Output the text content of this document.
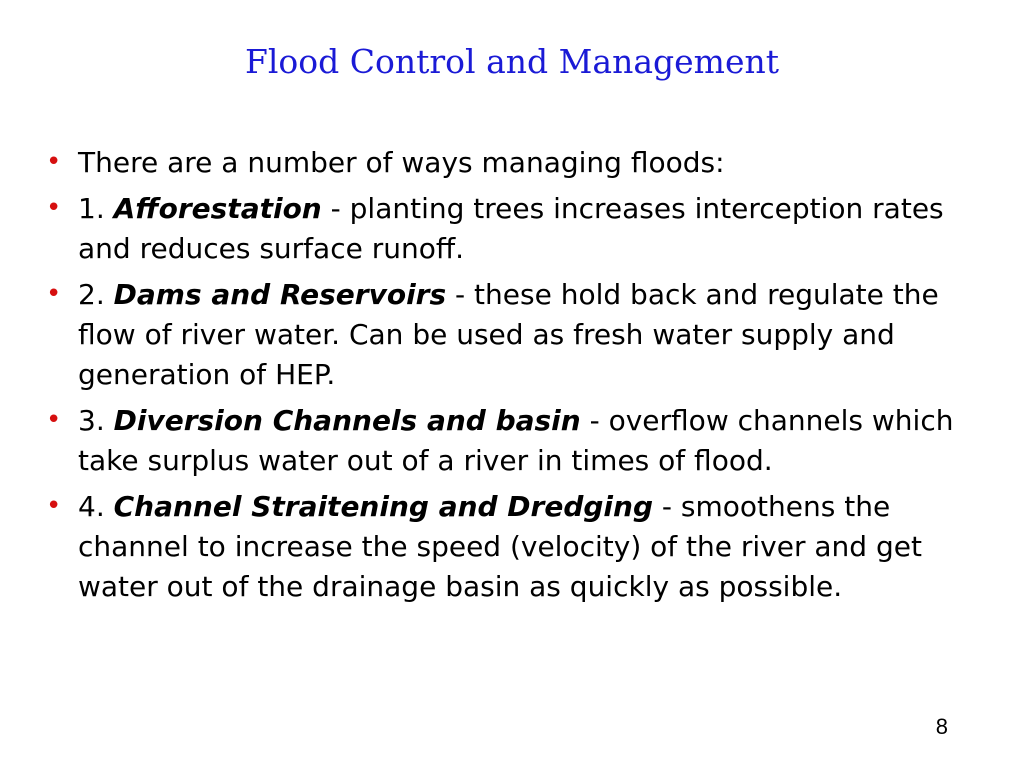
Flood Control and Management
• There are a number of ways managing floods:
• 1. Afforestation - planting trees increases interception rates and reduces surface runoff.
• 2. Dams and Reservoirs - these hold back and regulate the flow of river water. Can be used as fresh water supply and generation of HEP.
• 3. Diversion Channels and basin - overflow channels which take surplus water out of a river in times of flood.
• 4. Channel Straitening and Dredging - smoothens the channel to increase the speed (velocity) of the river and get water out of the drainage basin as quickly as possible.
8
